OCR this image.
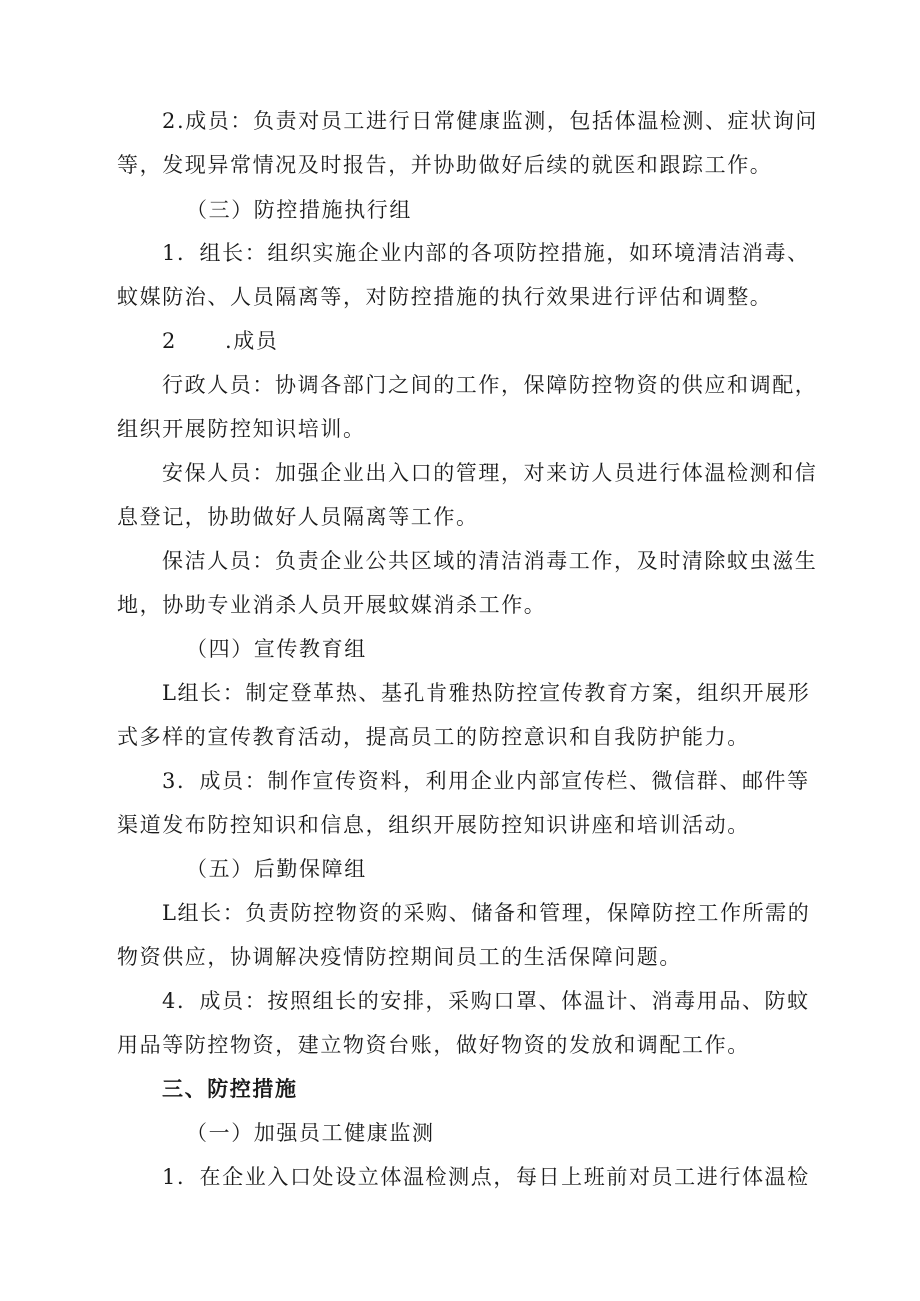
2.成员：负责对员工进行日常健康监测，包括体温检测、症状询问
等，发现异常情况及时报告，并协助做好后续的就医和跟踪工作。
（三）防控措施执行组
1．组长：组织实施企业内部的各项防控措施，如环境清洁消毒、
蚊媒防治、人员隔离等，对防控措施的执行效果进行评估和调整。
2 .成员
行政人员：协调各部门之间的工作，保障防控物资的供应和调配，
组织开展防控知识培训。
安保人员：加强企业出入口的管理，对来访人员进行体温检测和信
息登记，协助做好人员隔离等工作。
保洁人员：负责企业公共区域的清洁消毒工作，及时清除蚊虫滋生
地，协助专业消杀人员开展蚊媒消杀工作。
（四）宣传教育组
L组长：制定登革热、基孔肯雅热防控宣传教育方案，组织开展形
式多样的宣传教育活动，提高员工的防控意识和自我防护能力。
3．成员：制作宣传资料，利用企业内部宣传栏、微信群、邮件等
渠道发布防控知识和信息，组织开展防控知识讲座和培训活动。
（五）后勤保障组
L组长：负责防控物资的采购、储备和管理，保障防控工作所需的
物资供应，协调解决疫情防控期间员工的生活保障问题。
4．成员：按照组长的安排，采购口罩、体温计、消毒用品、防蚊
用品等防控物资，建立物资台账，做好物资的发放和调配工作。
三、防控措施
（一）加强员工健康监测
1．在企业入口处设立体温检测点，每日上班前对员工进行体温检
